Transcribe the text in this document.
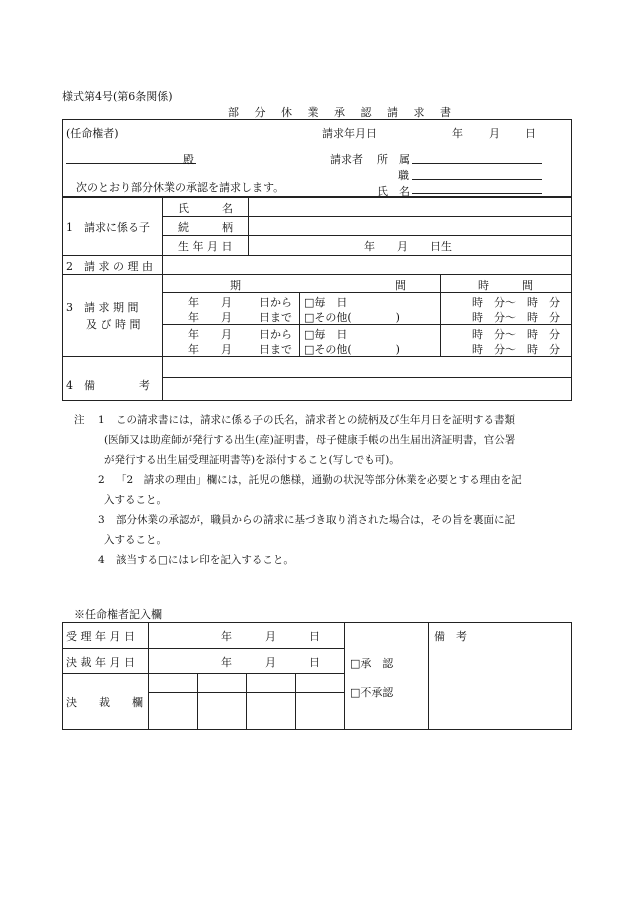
様式第4号(第6条関係)
部 分 休 業 承 認 請 求 書
(任命権者)	請求年月日	年 月 日
殿	請求者 所　属
職
次のとおり部分休業の承認を請求します。	氏　名
1　請求に係る子
氏　　　名
続　　　柄
生 年 月 日	年　　月　　日生
2　請 求 の 理 由
3　請 求 期 間
及 び 時 間
期　　　　　　　　　　　　　　間	時　　　間
年　　月 日から □毎　日	時　分〜　時　分
年　　月 日まで □その他(　　　　)	時　分〜　時　分
年　　月 日から □毎　日	時　分〜　時　分
年　　月 日まで □その他(　　　　)	時　分〜　時　分
4　備　　　　考
注 1 この請求書には，請求に係る子の氏名，請求者との続柄及び生年月日を証明する書類
(医師又は助産師が発行する出生(産)証明書，母子健康手帳の出生届出済証明書，官公署
が発行する出生届受理証明書等)を添付すること(写しでも可)。
2 「2　請求の理由」欄には，託児の態様，通勤の状況等部分休業を必要とする理由を記
入すること。
3 部分休業の承認が，職員からの請求に基づき取り消された場合は，その旨を裏面に記
入すること。
4 該当する□にはレ印を記入すること。
※任命権者記入欄
受 理 年 月 日	年　　　月　　　日
決 裁 年 月 日	年　　　月　　　日
決　　裁　　欄
□承　認
□不承認
備　考
